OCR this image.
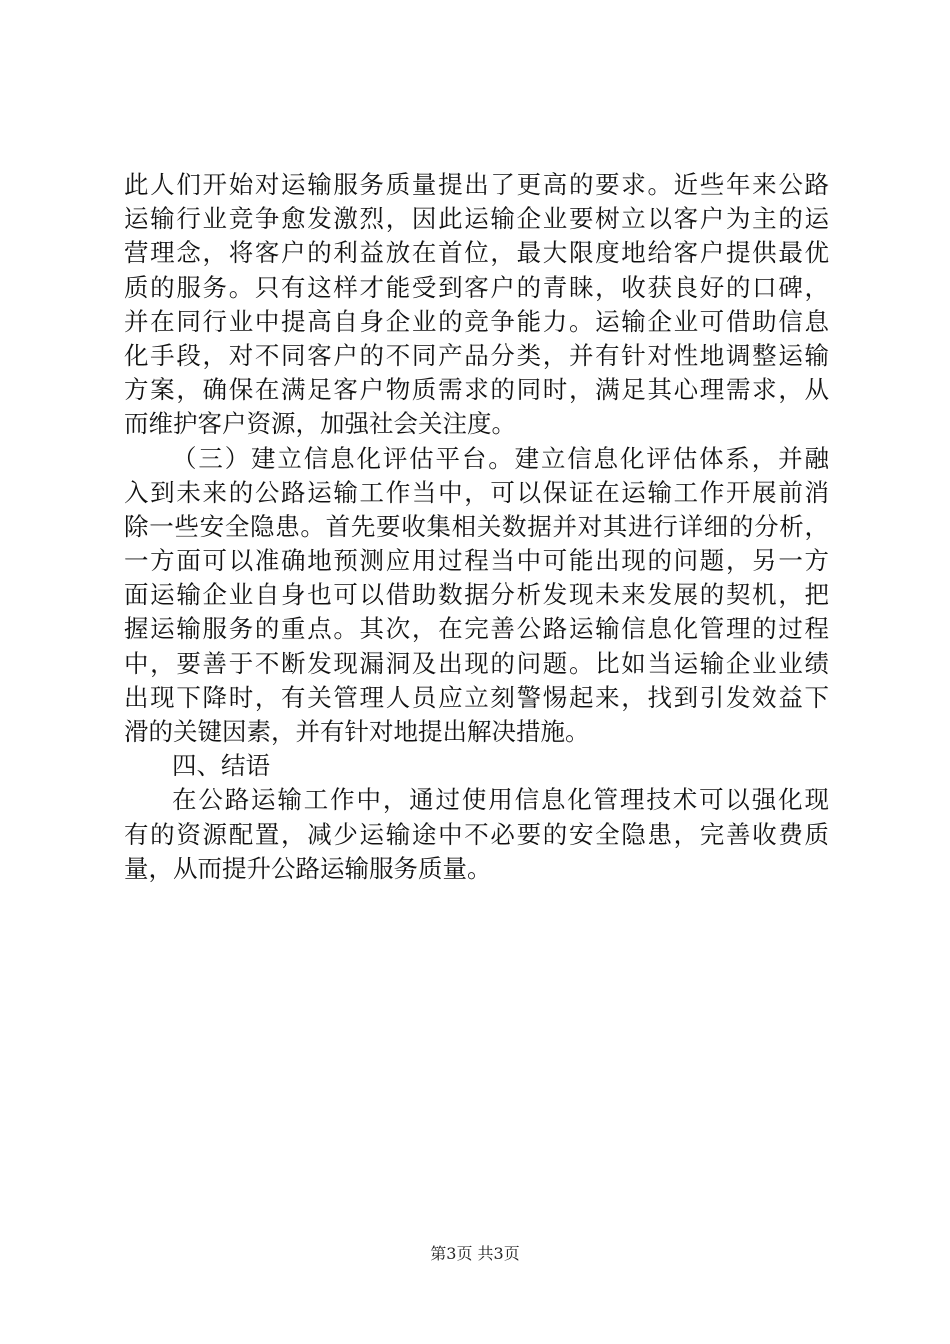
此人们开始对运输服务质量提出了更高的要求。近些年来公路
运输行业竞争愈发激烈，因此运输企业要树立以客户为主的运
营理念，将客户的利益放在首位，最大限度地给客户提供最优
质的服务。只有这样才能受到客户的青睐，收获良好的口碑，
并在同行业中提高自身企业的竞争能力。运输企业可借助信息
化手段，对不同客户的不同产品分类，并有针对性地调整运输
方案，确保在满足客户物质需求的同时，满足其心理需求，从
而维护客户资源，加强社会关注度。
（三）建立信息化评估平台。建立信息化评估体系，并融
入到未来的公路运输工作当中，可以保证在运输工作开展前消
除一些安全隐患。首先要收集相关数据并对其进行详细的分析，
一方面可以准确地预测应用过程当中可能出现的问题，另一方
面运输企业自身也可以借助数据分析发现未来发展的契机，把
握运输服务的重点。其次，在完善公路运输信息化管理的过程
中，要善于不断发现漏洞及出现的问题。比如当运输企业业绩
出现下降时，有关管理人员应立刻警惕起来，找到引发效益下
滑的关键因素，并有针对地提出解决措施。
四、结语
在公路运输工作中，通过使用信息化管理技术可以强化现
有的资源配置，减少运输途中不必要的安全隐患，完善收费质
量，从而提升公路运输服务质量。
第3页 共3页
